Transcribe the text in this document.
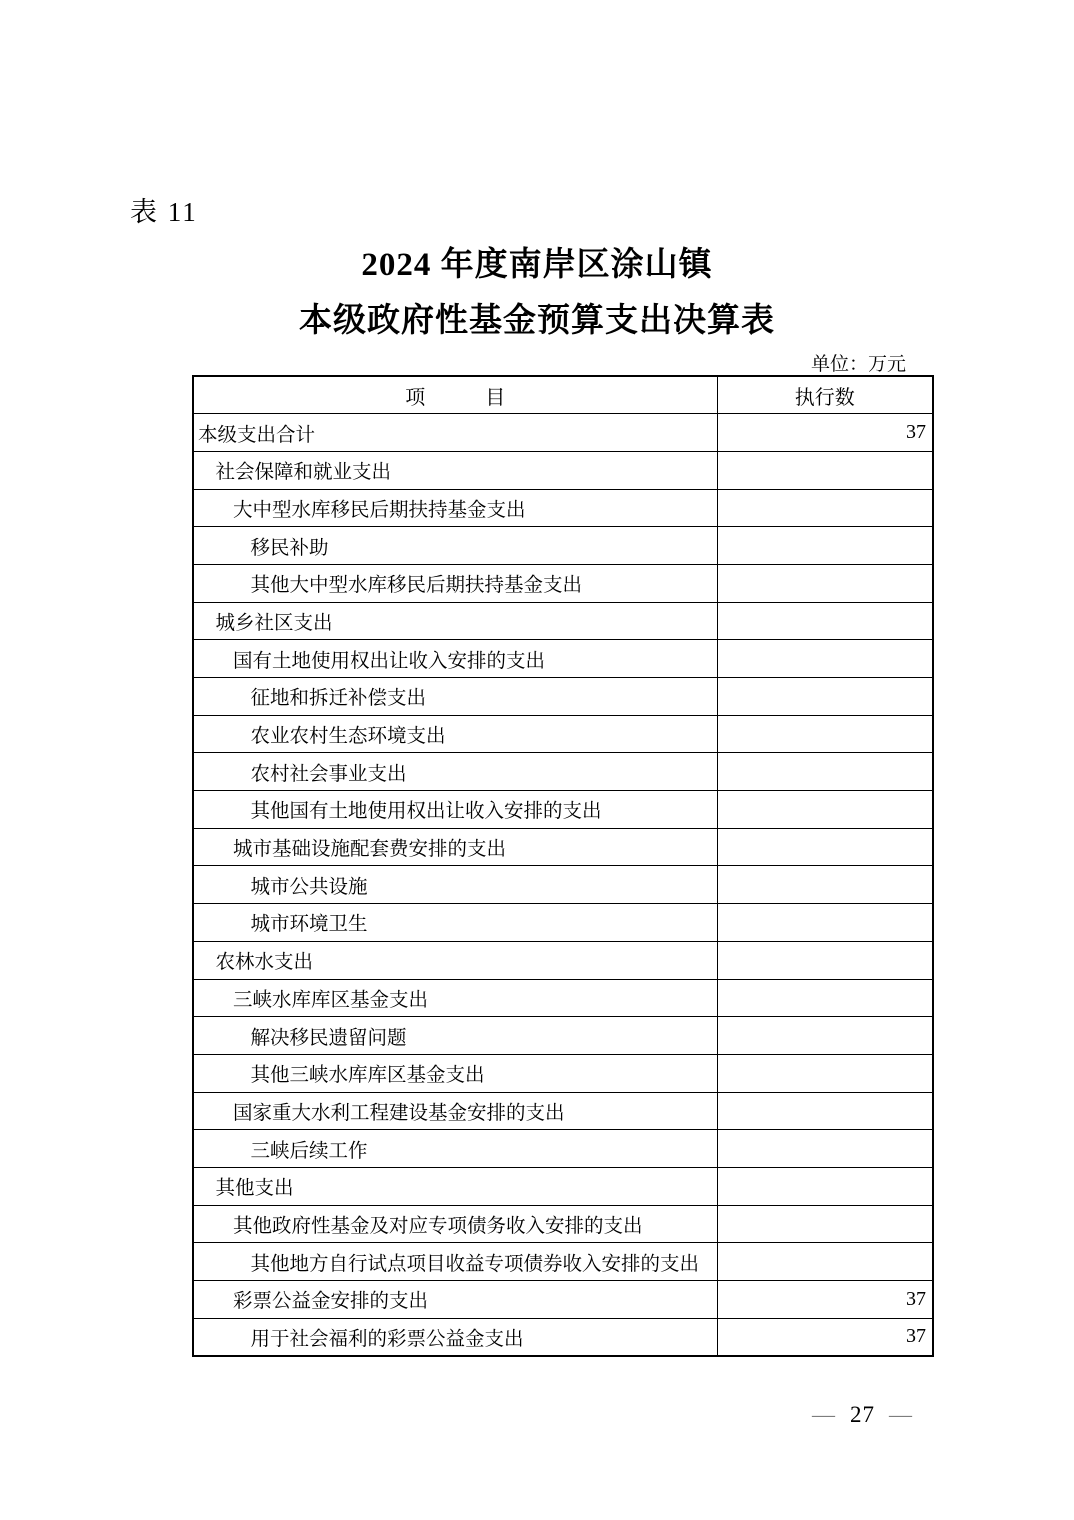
表 11
2024 年度南岸区涂山镇
本级政府性基金预算支出决算表
单位：万元
项　　　目	执行数
本级支出合计	37
社会保障和就业支出	
大中型水库移民后期扶持基金支出	
移民补助	
其他大中型水库移民后期扶持基金支出	
城乡社区支出	
国有土地使用权出让收入安排的支出	
征地和拆迁补偿支出	
农业农村生态环境支出	
农村社会事业支出	
其他国有土地使用权出让收入安排的支出	
城市基础设施配套费安排的支出	
城市公共设施	
城市环境卫生	
农林水支出	
三峡水库库区基金支出	
解决移民遗留问题	
其他三峡水库库区基金支出	
国家重大水利工程建设基金安排的支出	
三峡后续工作	
其他支出	
其他政府性基金及对应专项债务收入安排的支出	
其他地方自行试点项目收益专项债券收入安排的支出	
彩票公益金安排的支出	37
用于社会福利的彩票公益金支出	37
— 27 —
